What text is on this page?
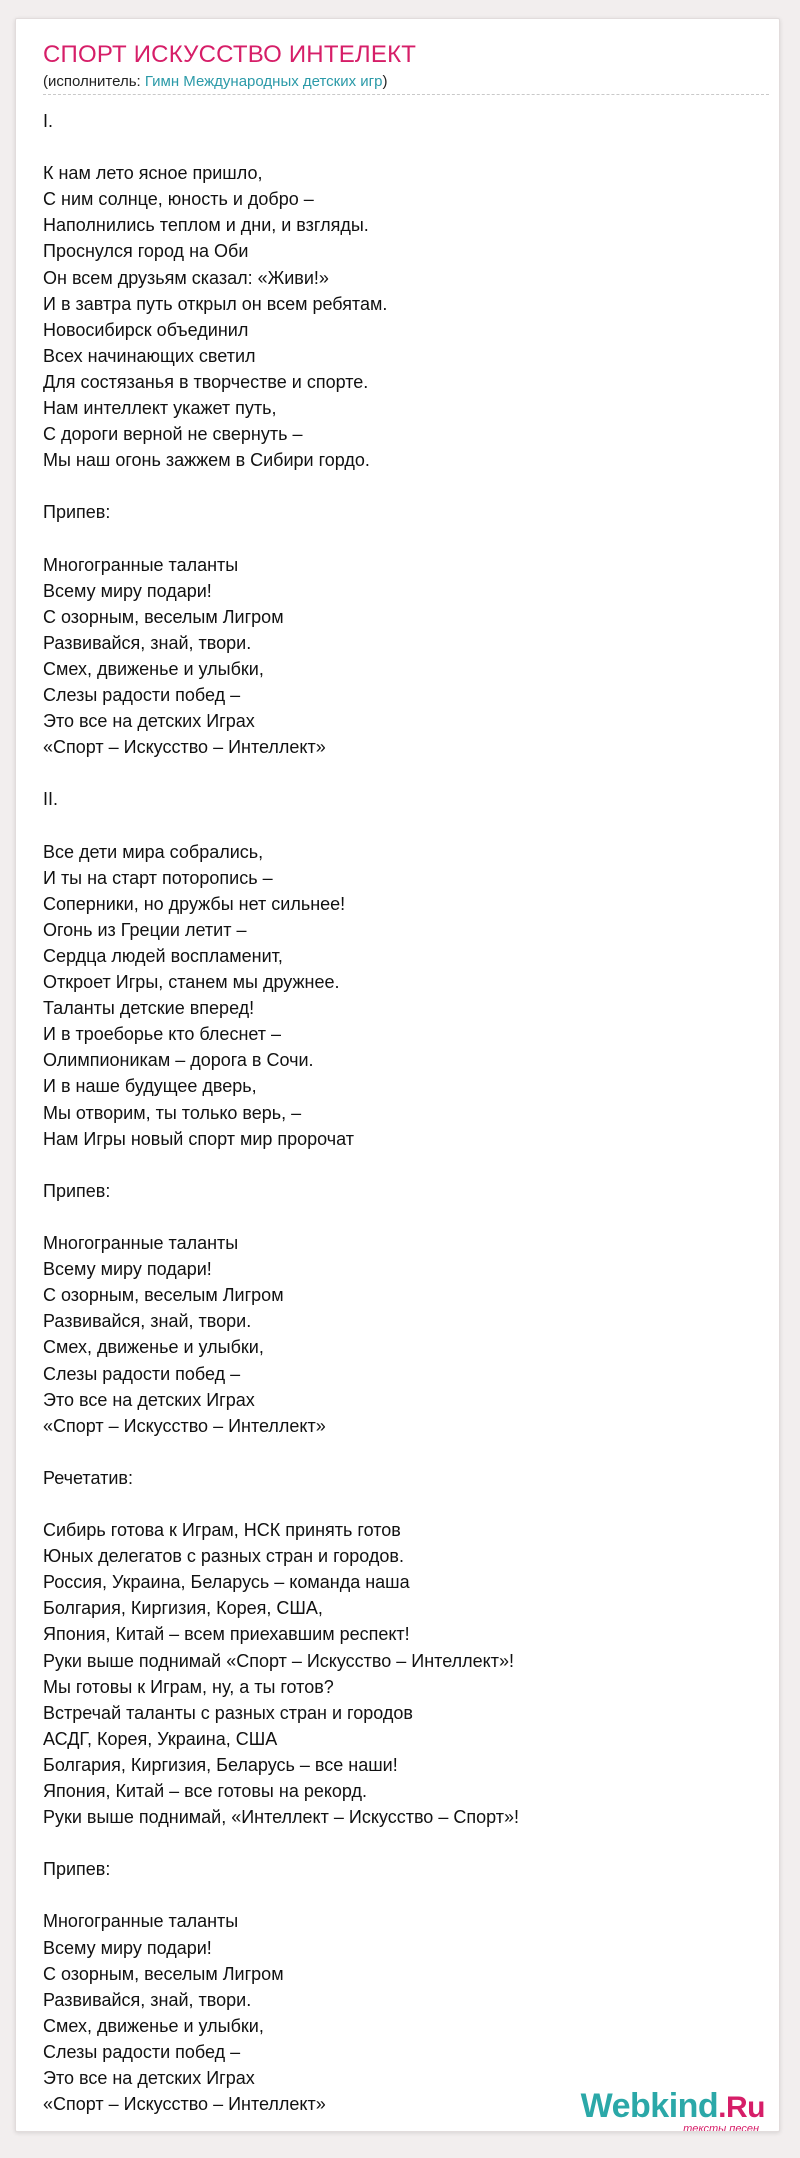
СПОРТ ИСКУССТВО ИНТЕЛЕКТ
(исполнитель: Гимн Международных детских игр)
I.
К нам лето ясное пришло,
С ним солнце, юность и добро –
Наполнились теплом и дни, и взгляды.
Проснулся город на Оби
Он всем друзьям сказал: «Живи!»
И в завтра путь открыл он всем ребятам.
Новосибирск объединил
Всех начинающих светил
Для состязанья в творчестве и спорте.
Нам интеллект укажет путь,
С дороги верной не свернуть –
Мы наш огонь зажжем в Сибири гордо.
Припев:
Многогранные таланты
Всему миру подари!
С озорным, веселым Лигром
Развивайся, знай, твори.
Смех, движенье и улыбки,
Слезы радости побед –
Это все на детских Играх
«Спорт – Искусство – Интеллект»
II.
Все дети мира собрались,
И ты на старт поторопись –
Соперники, но дружбы нет сильнее!
Огонь из Греции летит –
Сердца людей воспламенит,
Откроет Игры, станем мы дружнее.
Таланты детские вперед!
И в троеборье кто блеснет –
Олимпионикам – дорога в Сочи.
И в наше будущее дверь,
Мы отворим, ты только верь, –
Нам Игры новый спорт мир пророчат
Припев:
Многогранные таланты
Всему миру подари!
С озорным, веселым Лигром
Развивайся, знай, твори.
Смех, движенье и улыбки,
Слезы радости побед –
Это все на детских Играх
«Спорт – Искусство – Интеллект»
Речетатив:
Сибирь готова к Играм, НСК принять готов
Юных делегатов с разных стран и городов.
Россия, Украина, Беларусь – команда наша
Болгария, Киргизия, Корея, США,
Япония, Китай – всем приехавшим респект!
Руки выше поднимай «Спорт – Искусство – Интеллект»!
Мы готовы к Играм, ну, а ты готов?
Встречай таланты с разных стран и городов
АСДГ, Корея, Украина, США
Болгария, Киргизия, Беларусь – все наши!
Япония, Китай – все готовы на рекорд.
Руки выше поднимай, «Интеллект – Искусство – Спорт»!
Припев:
Многогранные таланты
Всему миру подари!
С озорным, веселым Лигром
Развивайся, знай, твори.
Смех, движенье и улыбки,
Слезы радости побед –
Это все на детских Играх
«Спорт – Искусство – Интеллект»	Webkind.Ru
тексты песен
